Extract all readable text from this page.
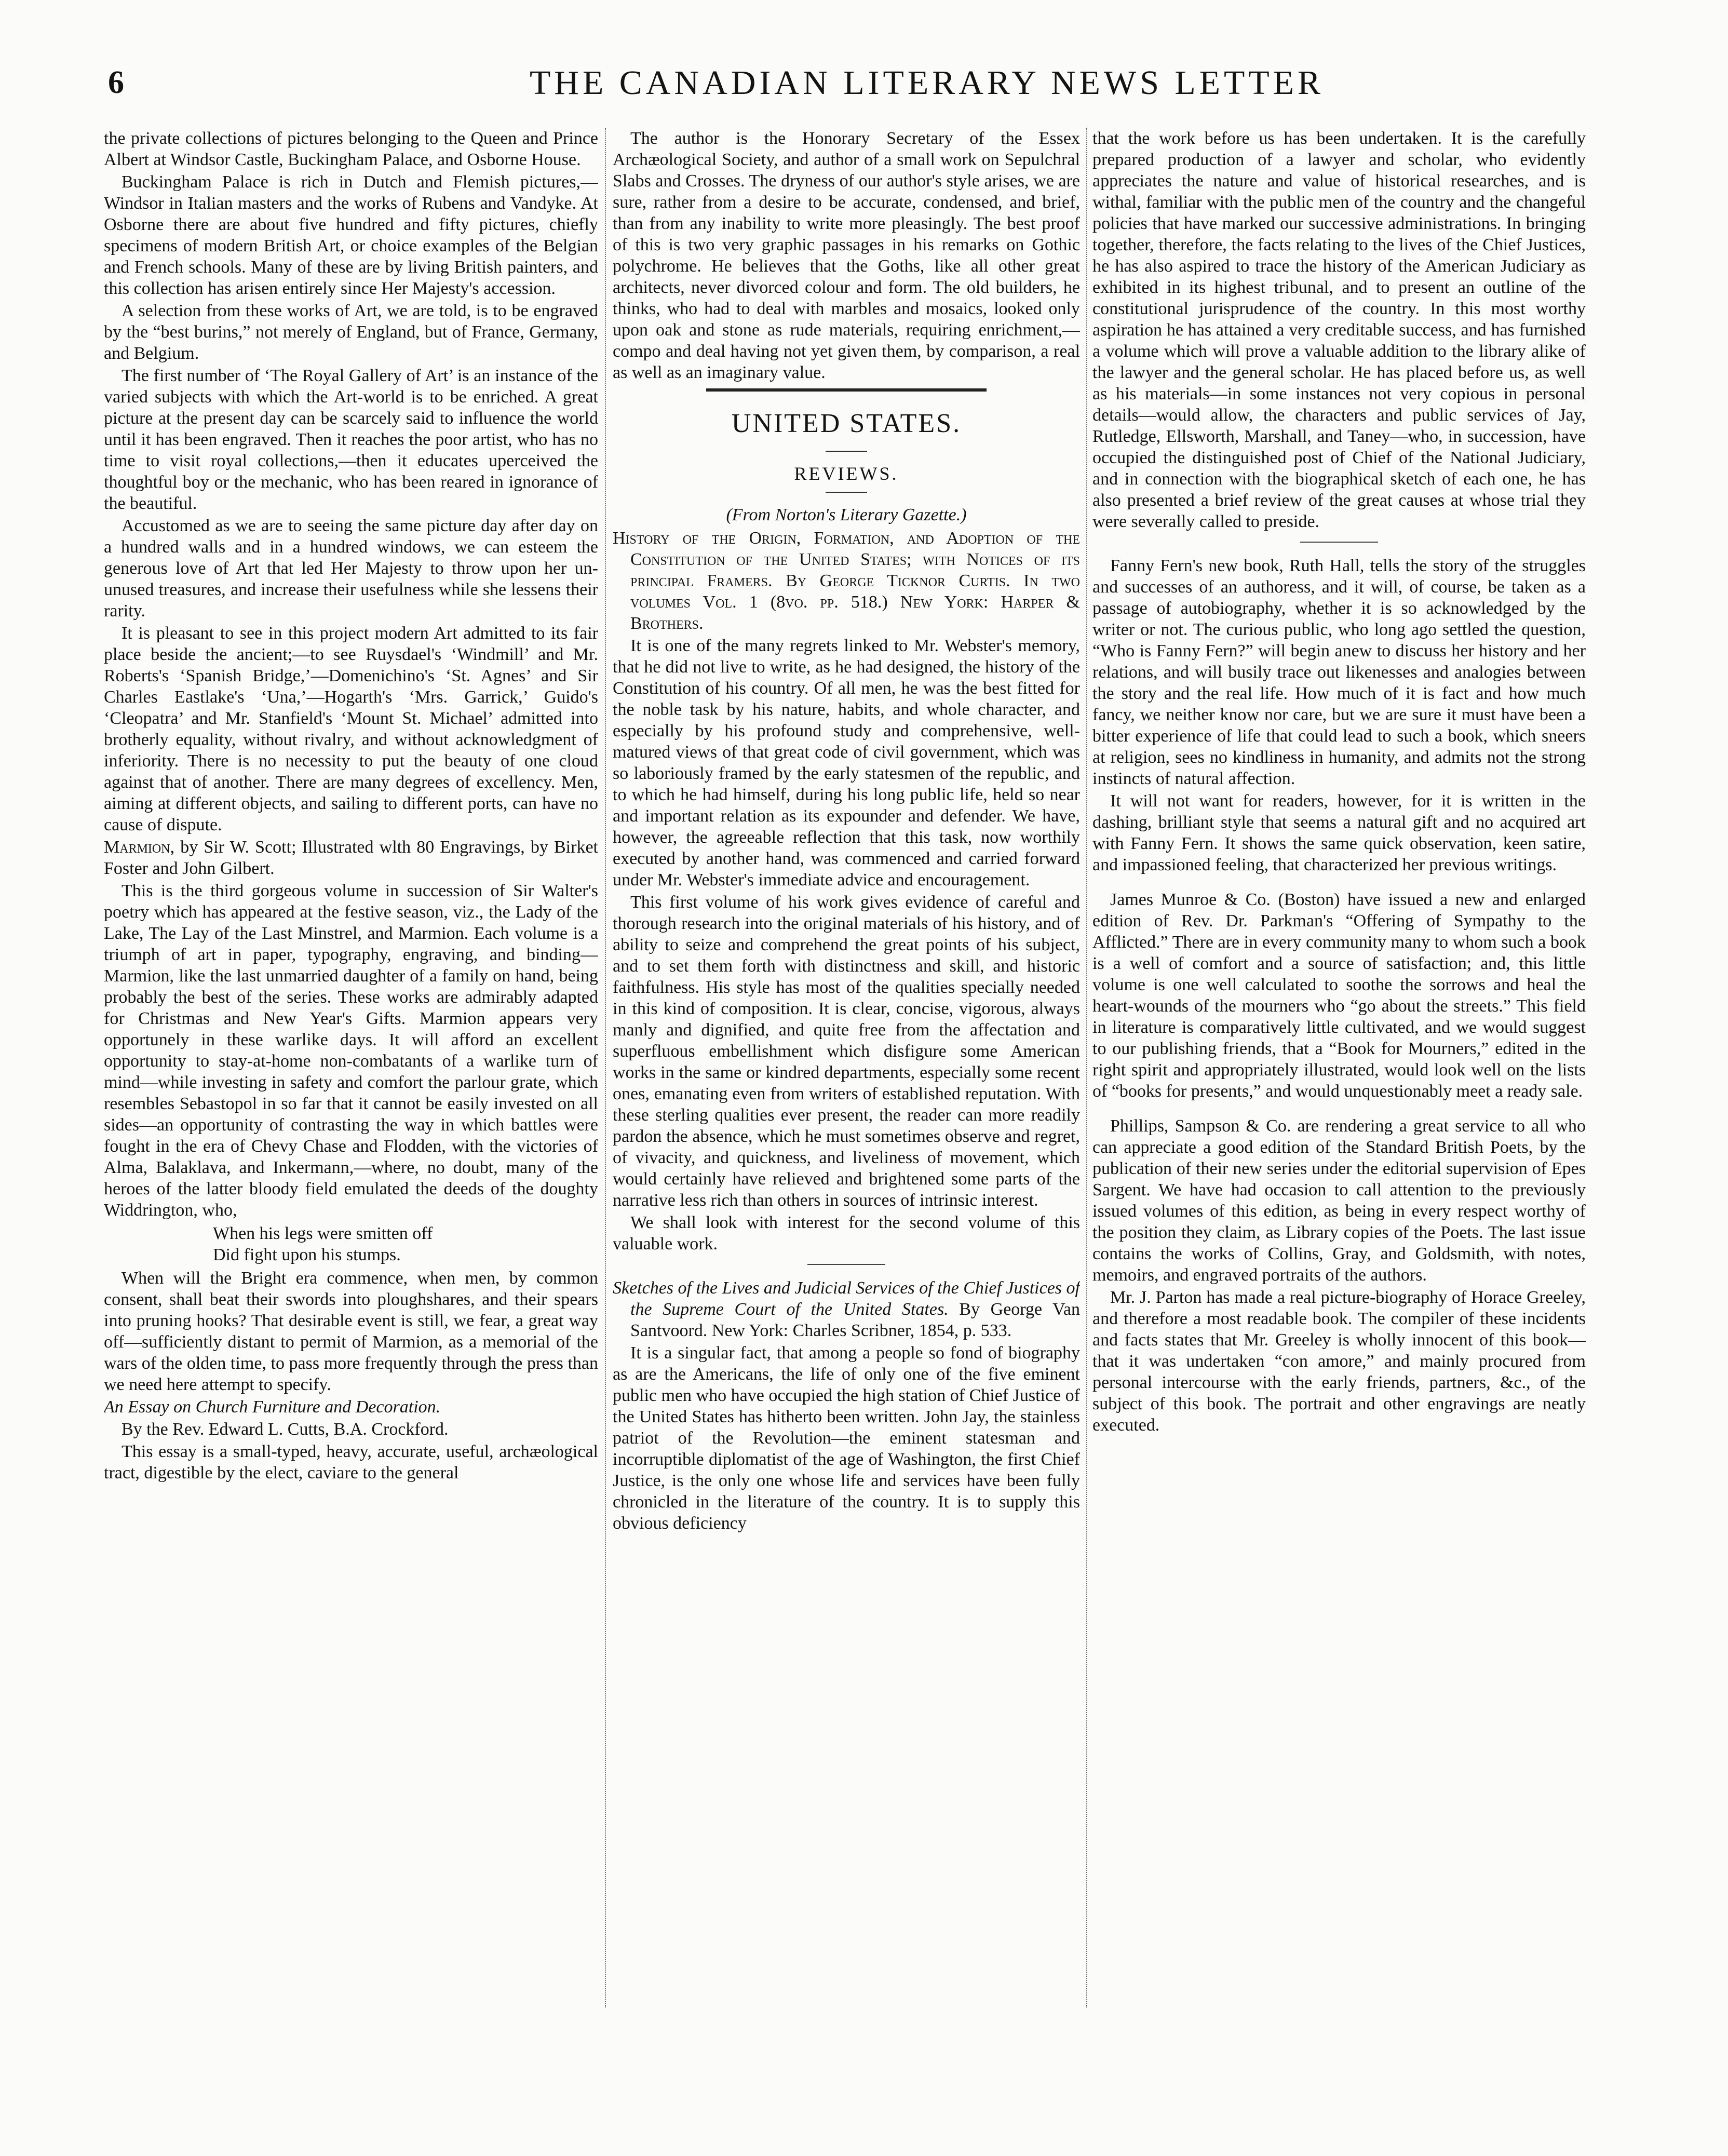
6	THE CANADIAN LITERARY NEWS LETTER

the private collections of pictures belonging to the Queen and Prince Albert at Windsor Castle, Buckingham Palace, and Osborne House.

Buckingham Palace is rich in Dutch and Flemish pictures,—Windsor in Italian masters and the works of Rubens and Vandyke. At Osborne there are about five hundred and fifty pictures, chiefly specimens of modern British Art, or choice examples of the Belgian and French schools. Many of these are by living British painters, and this collection has arisen entirely since Her Majesty's accession.

A selection from these works of Art, we are told, is to be engraved by the “best burins,” not merely of England, but of France, Germany, and Belgium.

The first number of ‘The Royal Gallery of Art’ is an instance of the varied subjects with which the Art-world is to be enriched. A great picture at the present day can be scarcely said to influence the world until it has been engraved. Then it reaches the poor artist, who has no time to visit royal collections,—then it educates uperceived the thoughtful boy or the mechanic, who has been reared in ignorance of the beautiful.

Accustomed as we are to seeing the same picture day after day on a hundred walls and in a hundred windows, we can esteem the generous love of Art that led Her Majesty to throw upon her un-unused treasures, and increase their usefulness while she lessens their rarity.

It is pleasant to see in this project modern Art admitted to its fair place beside the ancient;—to see Ruysdael's ‘Windmill’ and Mr. Roberts's ‘Spanish Bridge,’—Domenichino's ‘St. Agnes’ and Sir Charles Eastlake's ‘Una,’—Hogarth's ‘Mrs. Garrick,’ Guido's ‘Cleopatra’ and Mr. Stanfield's ‘Mount St. Michael’ admitted into brotherly equality, without rivalry, and without acknowledgment of inferiority. There is no necessity to put the beauty of one cloud against that of another. There are many degrees of excellency. Men, aiming at different objects, and sailing to different ports, can have no cause of dispute.

Marmion, by Sir W. Scott; Illustrated wlth 80 Engravings, by Birket Foster and John Gilbert.

This is the third gorgeous volume in succession of Sir Walter's poetry which has appeared at the festive season, viz., the Lady of the Lake, The Lay of the Last Minstrel, and Marmion. Each volume is a triumph of art in paper, typography, engraving, and binding—Marmion, like the last unmarried daughter of a family on hand, being probably the best of the series. These works are admirably adapted for Christmas and New Year's Gifts. Marmion appears very opportunely in these warlike days. It will afford an excellent opportunity to stay-at-home non-combatants of a warlike turn of mind—while investing in safety and comfort the parlour grate, which resembles Sebastopol in so far that it cannot be easily invested on all sides—an opportunity of contrasting the way in which battles were fought in the era of Chevy Chase and Flodden, with the victories of Alma, Balaklava, and Inkermann,—where, no doubt, many of the heroes of the latter bloody field emulated the deeds of the doughty Widdrington, who,

When his legs were smitten off
Did fight upon his stumps.

When will the Bright era commence, when men, by common consent, shall beat their swords into ploughshares, and their spears into pruning hooks? That desirable event is still, we fear, a great way off—sufficiently distant to permit of Marmion, as a memorial of the wars of the olden time, to pass more frequently through the press than we need here attempt to specify.

An Essay on Church Furniture and Decoration.

By the Rev. Edward L. Cutts, B.A. Crockford.

This essay is a small-typed, heavy, accurate, useful, archæological tract, digestible by the elect, caviare to the general

The author is the Honorary Secretary of the Essex Archæological Society, and author of a small work on Sepulchral Slabs and Crosses. The dryness of our author's style arises, we are sure, rather from a desire to be accurate, condensed, and brief, than from any inability to write more pleasingly. The best proof of this is two very graphic passages in his remarks on Gothic polychrome. He believes that the Goths, like all other great architects, never divorced colour and form. The old builders, he thinks, who had to deal with marbles and mosaics, looked only upon oak and stone as rude materials, requiring enrichment,—compo and deal having not yet given them, by comparison, a real as well as an imaginary value.

UNITED STATES.
REVIEWS.
(From Norton's Literary Gazette.)

History of the Origin, Formation, and Adoption of the Constitution of the United States; with Notices of its principal Framers. By George Ticknor Curtis. In two volumes Vol. 1 (8vo. pp. 518.) New York: Harper & Brothers.

It is one of the many regrets linked to Mr. Webster's memory, that he did not live to write, as he had designed, the history of the Constitution of his country. Of all men, he was the best fitted for the noble task by his nature, habits, and whole character, and especially by his profound study and comprehensive, well-matured views of that great code of civil government, which was so laboriously framed by the early statesmen of the republic, and to which he had himself, during his long public life, held so near and important relation as its expounder and defender. We have, however, the agreeable reflection that this task, now worthily executed by another hand, was commenced and carried forward under Mr. Webster's immediate advice and encouragement.

This first volume of his work gives evidence of careful and thorough research into the original materials of his history, and of ability to seize and comprehend the great points of his subject, and to set them forth with distinctness and skill, and historic faithfulness. His style has most of the qualities specially needed in this kind of composition. It is clear, concise, vigorous, always manly and dignified, and quite free from the affectation and superfluous embellishment which disfigure some American works in the same or kindred departments, especially some recent ones, emanating even from writers of established reputation. With these sterling qualities ever present, the reader can more readily pardon the absence, which he must sometimes observe and regret, of vivacity, and quickness, and liveliness of movement, which would certainly have relieved and brightened some parts of the narrative less rich than others in sources of intrinsic interest.

We shall look with interest for the second volume of this valuable work.

Sketches of the Lives and Judicial Services of the Chief Justices of the Supreme Court of the United States. By George Van Santvoord. New York: Charles Scribner, 1854, p. 533.

It is a singular fact, that among a people so fond of biography as are the Americans, the life of only one of the five eminent public men who have occupied the high station of Chief Justice of the United States has hitherto been written. John Jay, the stainless patriot of the Revolution—the eminent statesman and incorruptible diplomatist of the age of Washington, the first Chief Justice, is the only one whose life and services have been fully chronicled in the literature of the country. It is to supply this obvious deficiency

that the work before us has been undertaken. It is the carefully prepared production of a lawyer and scholar, who evidently appreciates the nature and value of historical researches, and is withal, familiar with the public men of the country and the changeful policies that have marked our successive administrations. In bringing together, therefore, the facts relating to the lives of the Chief Justices, he has also aspired to trace the history of the American Judiciary as exhibited in its highest tribunal, and to present an outline of the constitutional jurisprudence of the country. In this most worthy aspiration he has attained a very creditable success, and has furnished a volume which will prove a valuable addition to the library alike of the lawyer and the general scholar. He has placed before us, as well as his materials—in some instances not very copious in personal details—would allow, the characters and public services of Jay, Rutledge, Ellsworth, Marshall, and Taney—who, in succession, have occupied the distinguished post of Chief of the National Judiciary, and in connection with the biographical sketch of each one, he has also presented a brief review of the great causes at whose trial they were severally called to preside.

Fanny Fern's new book, Ruth Hall, tells the story of the struggles and successes of an authoress, and it will, of course, be taken as a passage of autobiography, whether it is so acknowledged by the writer or not. The curious public, who long ago settled the question, “Who is Fanny Fern?” will begin anew to discuss her history and her relations, and will busily trace out likenesses and analogies between the story and the real life. How much of it is fact and how much fancy, we neither know nor care, but we are sure it must have been a bitter experience of life that could lead to such a book, which sneers at religion, sees no kindliness in humanity, and admits not the strong instincts of natural affection.

It will not want for readers, however, for it is written in the dashing, brilliant style that seems a natural gift and no acquired art with Fanny Fern. It shows the same quick observation, keen satire, and impassioned feeling, that characterized her previous writings.

James Munroe & Co. (Boston) have issued a new and enlarged edition of Rev. Dr. Parkman's “Offering of Sympathy to the Afflicted.” There are in every community many to whom such a book is a well of comfort and a source of satisfaction; and, this little volume is one well calculated to soothe the sorrows and heal the heart-wounds of the mourners who “go about the streets.” This field in literature is comparatively little cultivated, and we would suggest to our publishing friends, that a “Book for Mourners,” edited in the right spirit and appropriately illustrated, would look well on the lists of “books for presents,” and would unquestionably meet a ready sale.

Phillips, Sampson & Co. are rendering a great service to all who can appreciate a good edition of the Standard British Poets, by the publication of their new series under the editorial supervision of Epes Sargent. We have had occasion to call attention to the previously issued volumes of this edition, as being in every respect worthy of the position they claim, as Library copies of the Poets. The last issue contains the works of Collins, Gray, and Goldsmith, with notes, memoirs, and engraved portraits of the authors.

Mr. J. Parton has made a real picture-biography of Horace Greeley, and therefore a most readable book. The compiler of these incidents and facts states that Mr. Greeley is wholly innocent of this book—that it was undertaken “con amore,” and mainly procured from personal intercourse with the early friends, partners, &c., of the subject of this book. The portrait and other engravings are neatly executed.
